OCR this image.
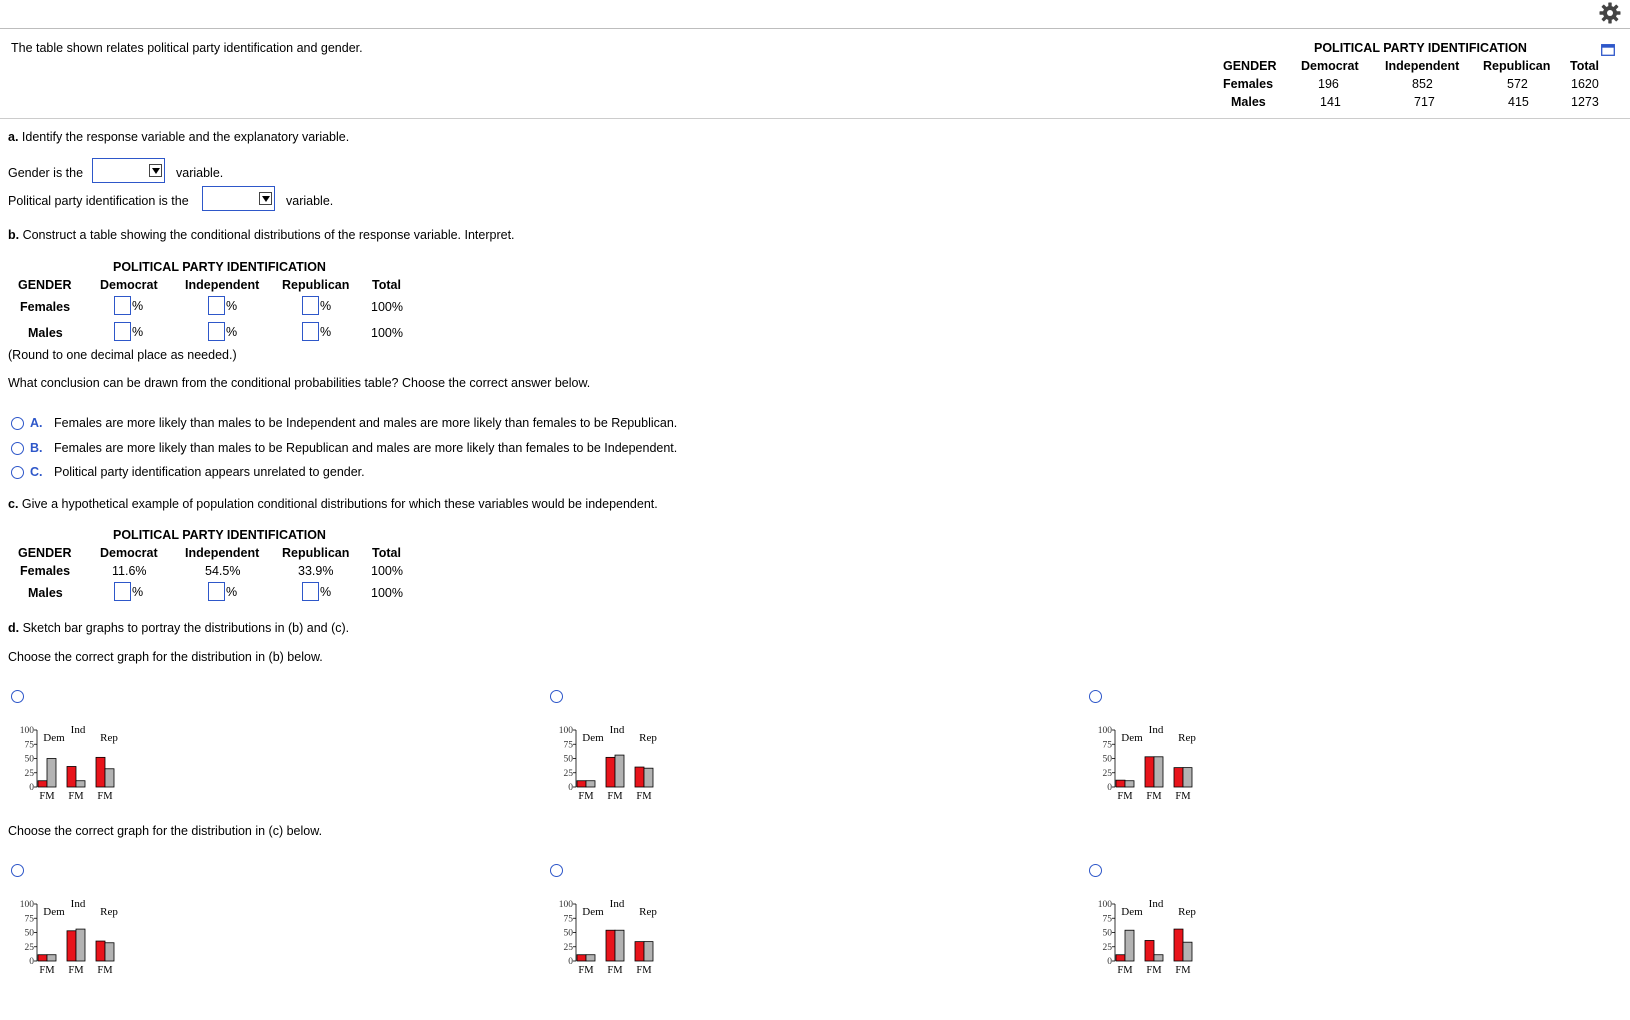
The table shown relates political party identification and gender.	POLITICAL PARTY IDENTIFICATION
GENDER Democrat Independent Republican Total
Females	196	852	572	1620
Males	141	717	415	1273
a. Identify the response variable and the explanatory variable.
Gender is the	variable.
Political party identification is the	variable.
b. Construct a table showing the conditional distributions of the response variable. Interpret.
POLITICAL PARTY IDENTIFICATION
GENDER Democrat Independent Republican Total
Females	%	%	%	100%
Males	%	%	%	100%
(Round to one decimal place as needed.)
What conclusion can be drawn from the conditional probabilities table? Choose the correct answer below.
A. Females are more likely than males to be Independent and males are more likely than females to be Republican.
B. Females are more likely than males to be Republican and males are more likely than females to be Independent.
C. Political party identification appears unrelated to gender.
c. Give a hypothetical example of population conditional distributions for which these variables would be independent.
POLITICAL PARTY IDENTIFICATION
GENDER Democrat Independent Republican Total
Females	11.6%	54.5%	33.9%	100%
Males	%	%	%	100%
d. Sketch bar graphs to portray the distributions in (b) and (c).
Choose the correct graph for the distribution in (b) below.
100
75
50
25
0
FM
Dem
FM
Ind
FM
Rep
100
75
50
25
0
FM
Dem
FM
Ind
FM
Rep
100
75
50
25
0
FM
Dem
FM
Ind
FM
Rep
Choose the correct graph for the distribution in (c) below.
100
75
50
25
0
FM
Dem
FM
Ind
FM
Rep
100
75
50
25
0
FM
Dem
FM
Ind
FM
Rep
100
75
50
25
0
FM
Dem
FM
Ind
FM
Rep
